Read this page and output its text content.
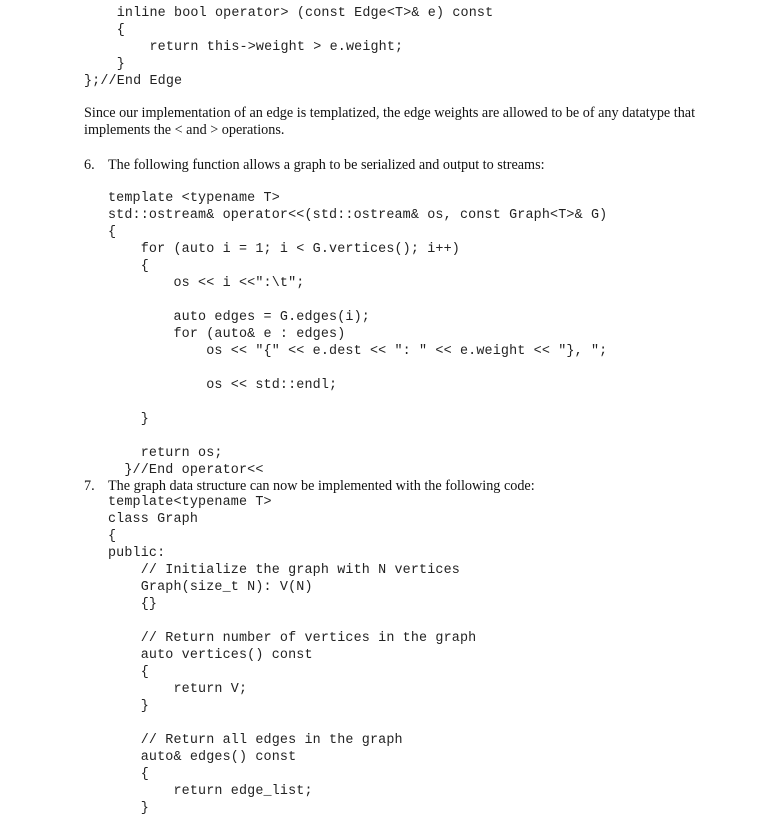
inline bool operator> (const Edge<T>& e) const
{
return this->weight > e.weight;
}
};//End Edge

Since our implementation of an edge is templatized, the edge weights are allowed to be of any datatype that implements the < and > operations.

6. The following function allows a graph to be serialized and output to streams:
template <typename T>
std::ostream& operator<<(std::ostream& os, const Graph<T>& G)
{
for (auto i = 1; i < G.vertices(); i++)
{
os << i <<":\t";

auto edges = G.edges(i);
for (auto& e : edges)
os << "{" << e.dest << ": " << e.weight << "}, ";

os << std::endl;

}

return os;
}//End operator<<
7. The graph data structure can now be implemented with the following code:
template<typename T>
class Graph
{
public:
// Initialize the graph with N vertices
Graph(size_t N): V(N)
{}

// Return number of vertices in the graph
auto vertices() const
{
return V;
}

// Return all edges in the graph
auto& edges() const
{
return edge_list;
}
